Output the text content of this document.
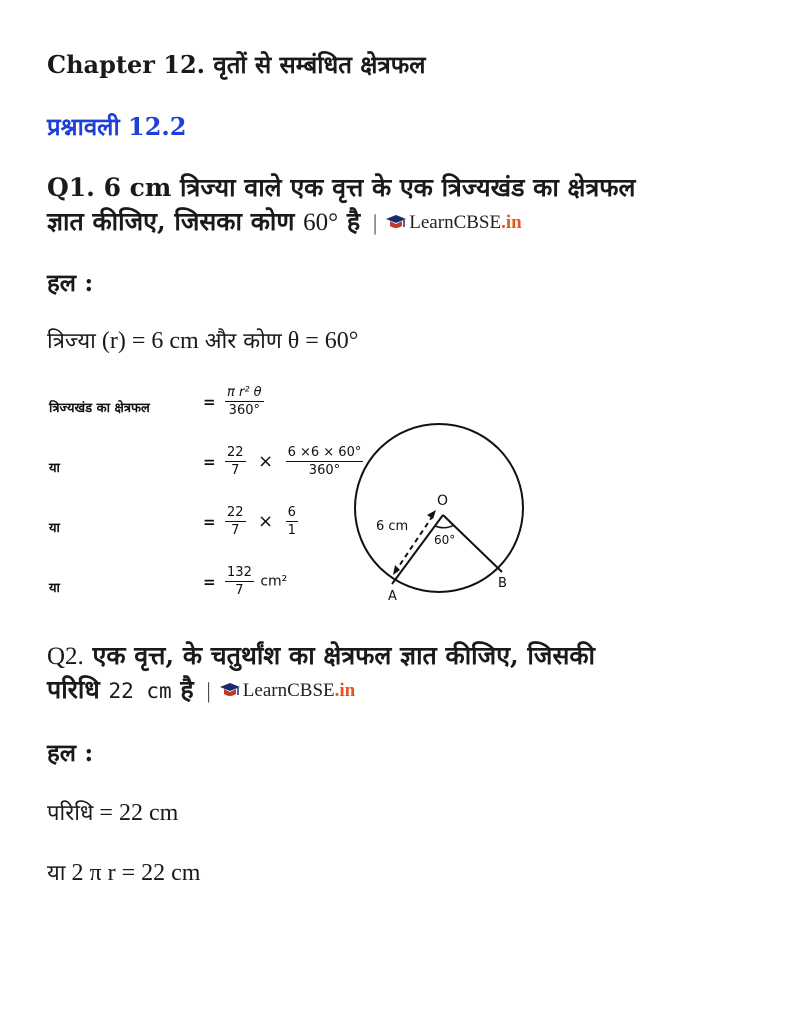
Chapter 12. वृतों से सम्बंधित क्षेत्रफल
प्रश्नावली 12.2
Q1. 6 cm त्रिज्या वाले एक वृत्त के एक त्रिज्यखंड का क्षेत्रफल
ज्ञात कीजिए, जिसका कोण 60° है | LearnCBSE .in
हल :
त्रिज्या (r) = 6 cm और कोण θ = 60°
त्रिज्यखंड का क्षेत्रफल	= $\frac{\text{π r² θ}}{360^\circ}$
या	= $\frac{22}{7} \times \frac{6 \times 6 \times 60^\circ}{360^\circ}$
या	= $\frac{22}{7} \times \frac{6}{1}$
या	= $\frac{132}{7} cm^2$
O
A
B
6 cm
60°
Q2. एक वृत्त, के चतुर्थांश का क्षेत्रफल ज्ञात कीजिए, जिसकी
परिधि 22 cm है | LearnCBSE .in
हल :
परिधि = 22 cm
या 2 π r = 22 cm
